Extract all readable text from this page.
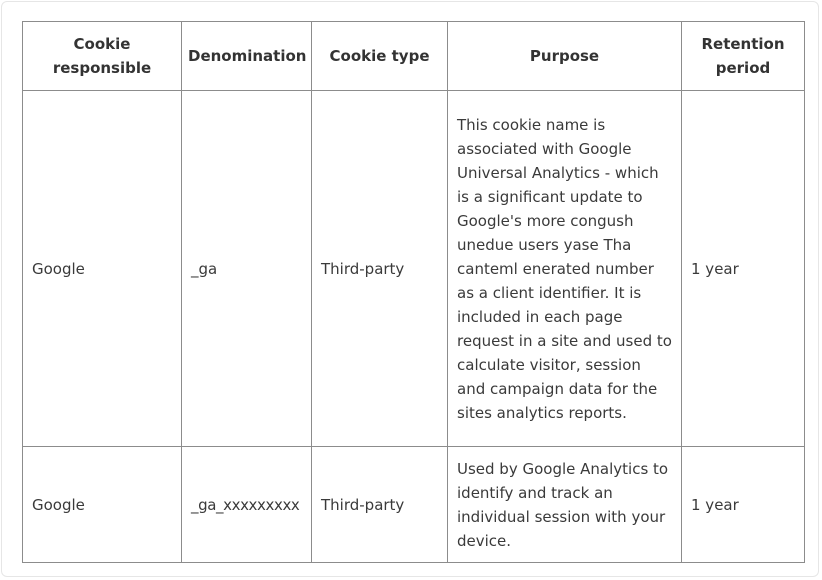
Cookie responsible	Denomination	Cookie type	Purpose	Retention period
Google	_ga	Third-party	This cookie name is associated with Google Universal Analytics - which is a significant update to Google's more congush unedue users yase Tha canteml enerated number as a client identifier. It is included in each page request in a site and used to calculate visitor, session and campaign data for the sites analytics reports.	1 year
Google	_ga_xxxxxxxxx	Third-party	Used by Google Analytics to identify and track an individual session with your device.	1 year
